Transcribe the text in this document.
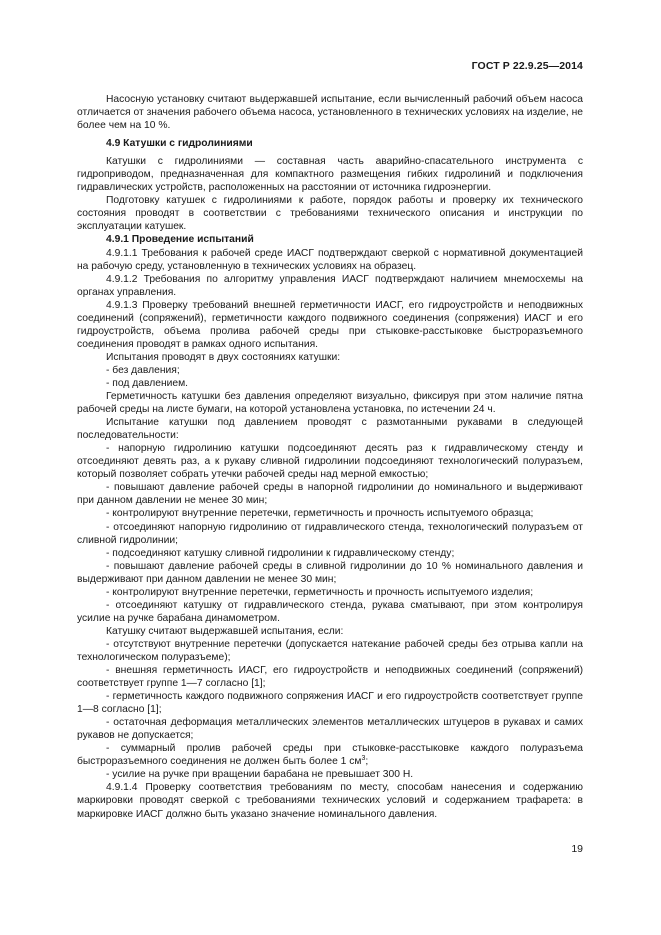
ГОСТ Р 22.9.25—2014

Насосную установку считают выдержавшей испытание, если вычисленный рабочий объем насоса отличается от значения рабочего объема насоса, установленного в технических условиях на изделие, не более чем на 10 %.

4.9 Катушки с гидролиниями

Катушки с гидролиниями — составная часть аварийно-спасательного инструмента с гидроприводом, предназначенная для компактного размещения гибких гидролиний и подключения гидравлических устройств, расположенных на расстоянии от источника гидроэнергии.

Подготовку катушек с гидролиниями к работе, порядок работы и проверку их технического состояния проводят в соответствии с требованиями технического описания и инструкции по эксплуатации катушек.

4.9.1 Проведение испытаний

4.9.1.1 Требования к рабочей среде ИАСГ подтверждают сверкой с нормативной документацией на рабочую среду, установленную в технических условиях на образец.

4.9.1.2 Требования по алгоритму управления ИАСГ подтверждают наличием мнемосхемы на органах управления.

4.9.1.3 Проверку требований внешней герметичности ИАСГ, его гидроустройств и неподвижных соединений (сопряжений), герметичности каждого подвижного соединения (сопряжения) ИАСГ и его гидроустройств, объема пролива рабочей среды при стыковке-расстыковке быстроразъемного соединения проводят в рамках одного испытания.

Испытания проводят в двух состояниях катушки:

- без давления;

- под давлением.

Герметичность катушки без давления определяют визуально, фиксируя при этом наличие пятна рабочей среды на листе бумаги, на которой установлена установка, по истечении 24 ч.

Испытание катушки под давлением проводят с размотанными рукавами в следующей последовательности:

- напорную гидролинию катушки подсоединяют десять раз к гидравлическому стенду и отсоединяют девять раз, а к рукаву сливной гидролинии подсоединяют технологический полуразъем, который позволяет собрать утечки рабочей среды над мерной емкостью;

- повышают давление рабочей среды в напорной гидролинии до номинального и выдерживают при данном давлении не менее 30 мин;

- контролируют внутренние перетечки, герметичность и прочность испытуемого образца;

- отсоединяют напорную гидролинию от гидравлического стенда, технологический полуразъем от сливной гидролинии;

- подсоединяют катушку сливной гидролинии к гидравлическому стенду;

- повышают давление рабочей среды в сливной гидролинии до 10 % номинального давления и выдерживают при данном давлении не менее 30 мин;

- контролируют внутренние перетечки, герметичность и прочность испытуемого изделия;

- отсоединяют катушку от гидравлического стенда, рукава сматывают, при этом контролируя усилие на ручке барабана динамометром.

Катушку считают выдержавшей испытания, если:

- отсутствуют внутренние перетечки (допускается натекание рабочей среды без отрыва капли на технологическом полуразъеме);

- внешняя герметичность ИАСГ, его гидроустройств и неподвижных соединений (сопряжений) соответствует группе 1—7 согласно [1];

- герметичность каждого подвижного сопряжения ИАСГ и его гидроустройств соответствует группе 1—8 согласно [1];

- остаточная деформация металлических элементов металлических штуцеров в рукавах и самих рукавов не допускается;

- суммарный пролив рабочей среды при стыковке-расстыковке каждого полуразъема быстроразъемного соединения не должен быть более 1 $см^3$;

- усилие на ручке при вращении барабана не превышает 300 Н.

4.9.1.4 Проверку соответствия требованиям по месту, способам нанесения и содержанию маркировки проводят сверкой с требованиями технических условий и содержанием трафарета: в маркировке ИАСГ должно быть указано значение номинального давления.

19
